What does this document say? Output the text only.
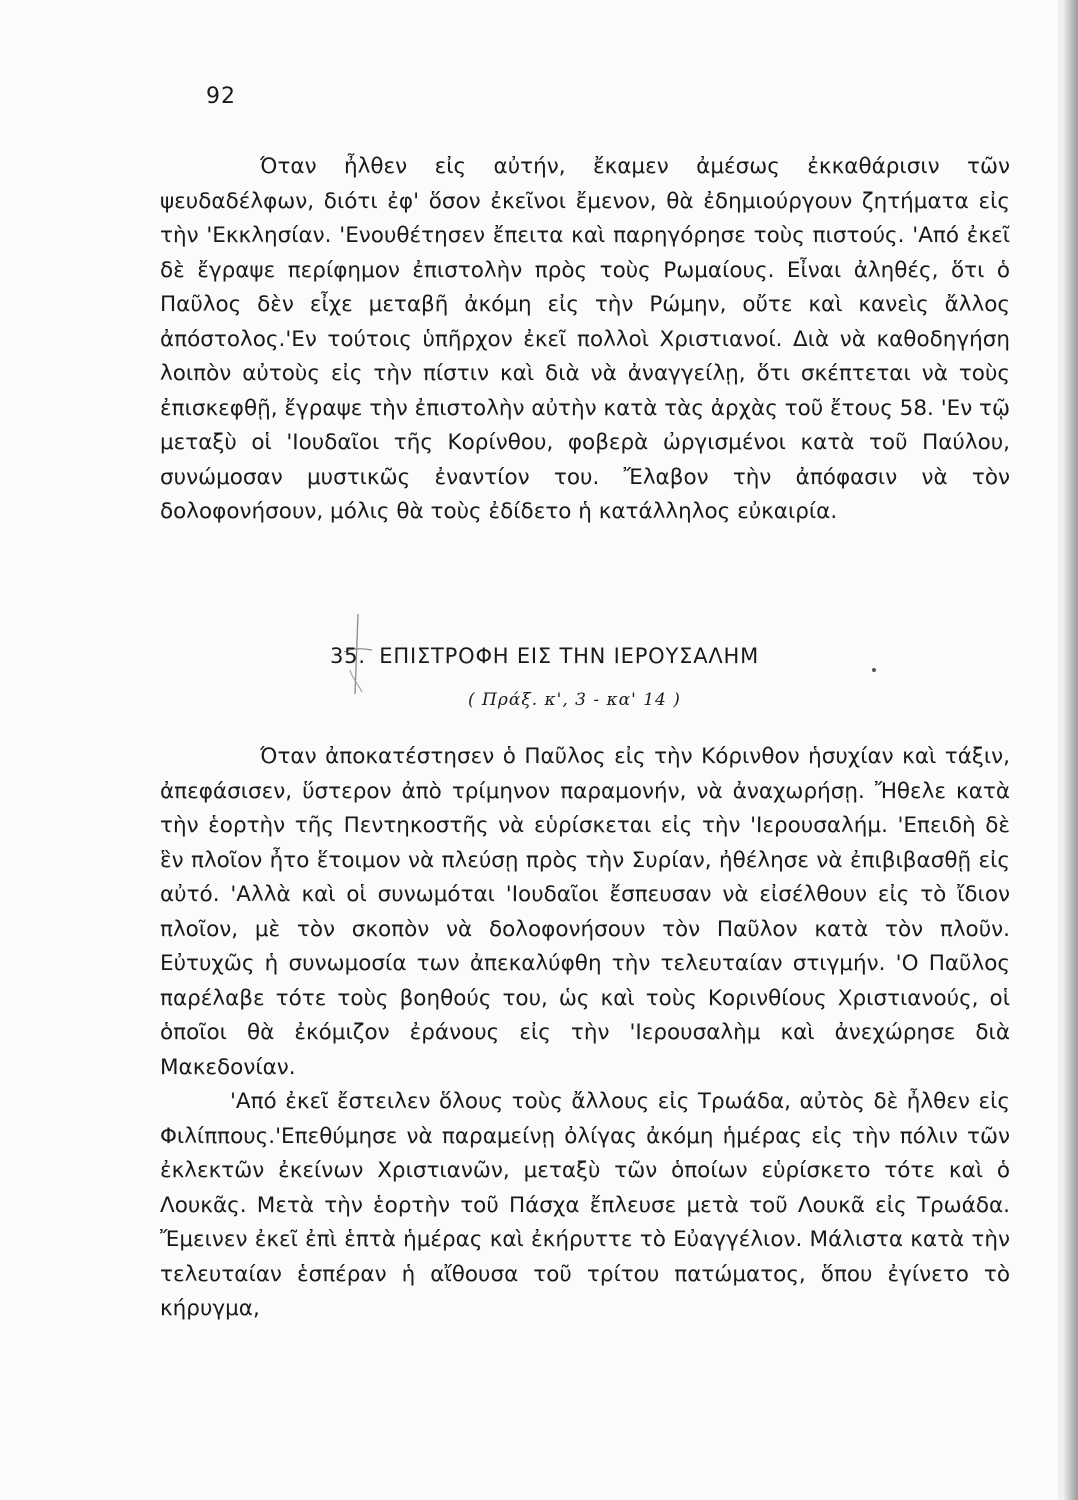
92

Όταν ἦλθεν εἰς αὐτήν, ἔκαμεν ἀμέσως ἐκκαθάρισιν τῶν ψευδαδέλφων, διότι ἐφ' ὅσον ἐκεῖνοι ἔμενον, θὰ ἐδημιούργουν ζητήματα εἰς τὴν 'Εκκλησίαν. 'Ενουθέτησεν ἔπειτα καὶ παρηγόρησε τοὺς πιστούς. 'Από ἐκεῖ δὲ ἔγραψε περίφημον ἐπιστολὴν πρὸς τοὺς Ρωμαίους. Εἶναι ἀληθές, ὅτι ὁ Παῦλος δὲν εἶχε μεταβῆ ἀκόμη εἰς τὴν Ρώμην, οὔτε καὶ κανεὶς ἄλλος ἀπόστολος.'Εν τούτοις ὑπῆρχον ἐκεῖ πολλοὶ Χριστιανοί. Διὰ νὰ καθοδηγήση λοιπὸν αὐτοὺς εἰς τὴν πίστιν καὶ διὰ νὰ ἀναγγείλῃ, ὅτι σκέπτεται νὰ τοὺς ἐπισκεφθῇ, ἔγραψε τὴν ἐπιστολὴν αὐτὴν κατὰ τὰς ἀρχὰς τοῦ ἔτους 58. 'Εν τῷ μεταξὺ οἱ 'Ιουδαῖοι τῆς Κορίνθου, φοβερὰ ὠργισμένοι κατὰ τοῦ Παύλου, συνώμοσαν μυστικῶς ἐναντίον του. Ἔλαβον τὴν ἀπόφασιν νὰ τὸν δολοφονήσουν, μόλις θὰ τοὺς ἐδίδετο ἡ κατάλληλος εὐκαιρία.

35. ΕΠΙΣΤΡΟΦΗ ΕΙΣ ΤΗΝ ΙΕΡΟΥΣΑΛΗΜ
( Πράξ. κ', 3 - κα' 14 )

Όταν ἀποκατέστησεν ὁ Παῦλος εἰς τὴν Κόρινθον ἡσυχίαν καὶ τάξιν, ἀπεφάσισεν, ὕστερον ἀπὸ τρίμηνον παραμονήν, νὰ ἀναχωρήσῃ. Ἤθελε κατὰ τὴν ἑορτὴν τῆς Πεντηκοστῆς νὰ εὑρίσκεται εἰς τὴν 'Ιερουσαλήμ. 'Επειδὴ δὲ ἓν πλοῖον ἦτο ἕτοιμον νὰ πλεύσῃ πρὸς τὴν Συρίαν, ἠθέλησε νὰ ἐπιβιβασθῇ εἰς αὐτό. 'Αλλὰ καὶ οἱ συνωμόται 'Ιουδαῖοι ἔσπευσαν νὰ εἰσέλθουν εἰς τὸ ἴδιον πλοῖον, μὲ τὸν σκοπὸν νὰ δολοφονήσουν τὸν Παῦλον κατὰ τὸν πλοῦν. Εὐτυχῶς ἡ συνωμοσία των ἀπεκαλύφθη τὴν τελευταίαν στιγμήν. 'Ο Παῦλος παρέλαβε τότε τοὺς βοηθούς του, ὡς καὶ τοὺς Κορινθίους Χριστιανούς, οἱ ὁποῖοι θὰ ἐκόμιζον ἐράνους εἰς τὴν 'Ιερουσαλὴμ καὶ ἀνεχώρησε διὰ Μακεδονίαν.

'Από ἐκεῖ ἔστειλεν ὅλους τοὺς ἄλλους εἰς Τρωάδα, αὐτὸς δὲ ἦλθεν εἰς Φιλίππους.'Επεθύμησε νὰ παραμείνῃ ὀλίγας ἀκόμη ἡμέρας εἰς τὴν πόλιν τῶν ἐκλεκτῶν ἐκείνων Χριστιανῶν, μεταξὺ τῶν ὁποίων εὑρίσκετο τότε καὶ ὁ Λουκᾶς. Μετὰ τὴν ἑορτὴν τοῦ Πάσχα ἔπλευσε μετὰ τοῦ Λουκᾶ εἰς Τρωάδα. Ἔμεινεν ἐκεῖ ἐπὶ ἑπτὰ ἡμέρας καὶ ἐκήρυττε τὸ Εὐαγγέλιον. Μάλιστα κατὰ τὴν τελευταίαν ἑσπέραν ἡ αἴθουσα τοῦ τρίτου πατώματος, ὅπου ἐγίνετο τὸ κήρυγμα,
